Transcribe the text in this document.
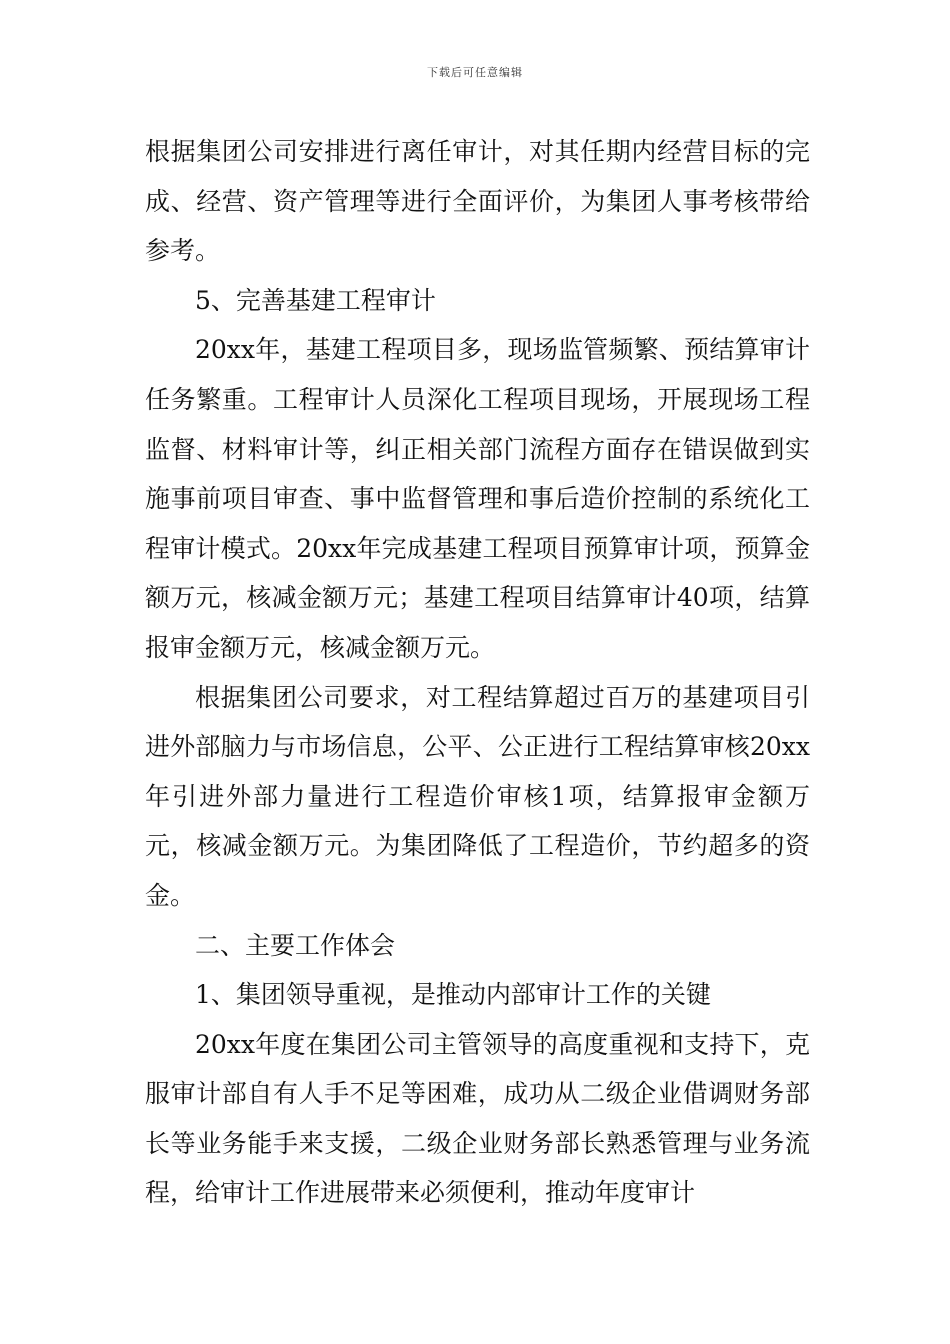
下载后可任意编辑

根据集团公司安排进行离任审计，对其任期内经营目标的完成、经营、资产管理等进行全面评价，为集团人事考核带给参考。

5、完善基建工程审计

20xx年，基建工程项目多，现场监管频繁、预结算审计任务繁重。工程审计人员深化工程项目现场，开展现场工程监督、材料审计等，纠正相关部门流程方面存在错误做到实施事前项目审查、事中监督管理和事后造价控制的系统化工程审计模式。20xx年完成基建工程项目预算审计项，预算金额万元，核减金额万元；基建工程项目结算审计40项，结算报审金额万元，核减金额万元。

根据集团公司要求，对工程结算超过百万的基建项目引进外部脑力与市场信息，公平、公正进行工程结算审核20xx年引进外部力量进行工程造价审核1项，结算报审金额万元，核减金额万元。为集团降低了工程造价，节约超多的资金。

二、主要工作体会

1、集团领导重视，是推动内部审计工作的关键

20xx年度在集团公司主管领导的高度重视和支持下，克服审计部自有人手不足等困难，成功从二级企业借调财务部长等业务能手来支援，二级企业财务部长熟悉管理与业务流程，给审计工作进展带来必须便利，推动年度审计
